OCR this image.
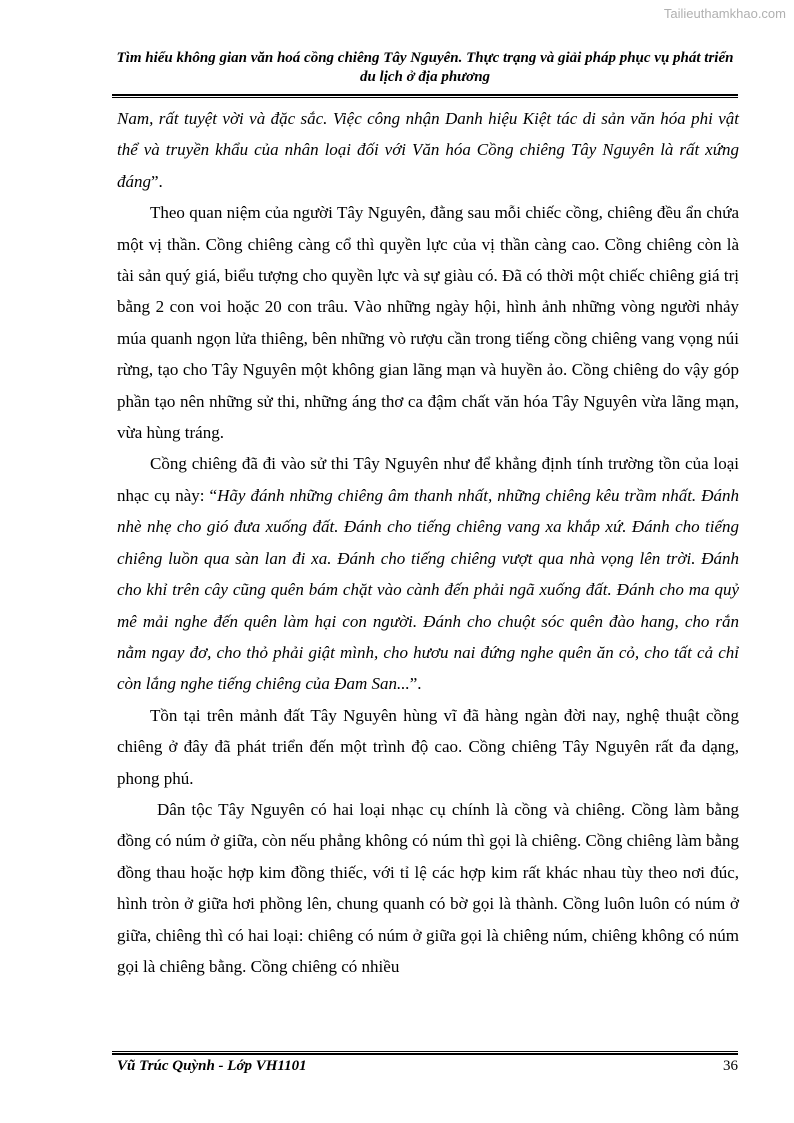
Tailieuthamkhao.com
Tìm hiểu không gian văn hoá cồng chiêng Tây Nguyên. Thực trạng và giải pháp phục vụ phát triển du lịch ở địa phương

Nam, rất tuyệt vời và đặc sắc. Việc công nhận Danh hiệu Kiệt tác di sản văn hóa phi vật thể và truyền khẩu của nhân loại đối với Văn hóa Cồng chiêng Tây Nguyên là rất xứng đáng”.

Theo quan niệm của người Tây Nguyên, đằng sau mỗi chiếc cồng, chiêng đều ẩn chứa một vị thần. Cồng chiêng càng cổ thì quyền lực của vị thần càng cao. Cồng chiêng còn là tài sản quý giá, biểu tượng cho quyền lực và sự giàu có. Đã có thời một chiếc chiêng giá trị bằng 2 con voi hoặc 20 con trâu. Vào những ngày hội, hình ảnh những vòng người nhảy múa quanh ngọn lửa thiêng, bên những vò rượu cần trong tiếng cồng chiêng vang vọng núi rừng, tạo cho Tây Nguyên một không gian lãng mạn và huyền ảo. Cồng chiêng do vậy góp phần tạo nên những sử thi, những áng thơ ca đậm chất văn hóa Tây Nguyên vừa lãng mạn, vừa hùng tráng.

Cồng chiêng đã đi vào sử thi Tây Nguyên như để khẳng định tính trường tồn của loại nhạc cụ này: “Hãy đánh những chiêng âm thanh nhất, những chiêng kêu trầm nhất. Đánh nhè nhẹ cho gió đưa xuống đất. Đánh cho tiếng chiêng vang xa khắp xứ. Đánh cho tiếng chiêng luồn qua sàn lan đi xa. Đánh cho tiếng chiêng vượt qua nhà vọng lên trời. Đánh cho khỉ trên cây cũng quên bám chặt vào cành đến phải ngã xuống đất. Đánh cho ma quỷ mê mải nghe đến quên làm hại con người. Đánh cho chuột sóc quên đào hang, cho rắn nằm ngay đơ, cho thỏ phải giật mình, cho hươu nai đứng nghe quên ăn cỏ, cho tất cả chỉ còn lắng nghe tiếng chiêng của Đam San...”.

Tồn tại trên mảnh đất Tây Nguyên hùng vĩ đã hàng ngàn đời nay, nghệ thuật cồng chiêng ở đây đã phát triển đến một trình độ cao. Cồng chiêng Tây Nguyên rất đa dạng, phong phú.

Dân tộc Tây Nguyên có hai loại nhạc cụ chính là cồng và chiêng. Cồng làm bằng đồng có núm ở giữa, còn nếu phẳng không có núm thì gọi là chiêng. Cồng chiêng làm bằng đồng thau hoặc hợp kim đồng thiếc, với tỉ lệ các hợp kim rất khác nhau tùy theo nơi đúc, hình tròn ở giữa hơi phồng lên, chung quanh có bờ gọi là thành. Cồng luôn luôn có núm ở giữa, chiêng thì có hai loại: chiêng có núm ở giữa gọi là chiêng núm, chiêng không có núm gọi là chiêng bằng. Cồng chiêng có nhiều

Vũ Trúc Quỳnh - Lớp VH1101	36
